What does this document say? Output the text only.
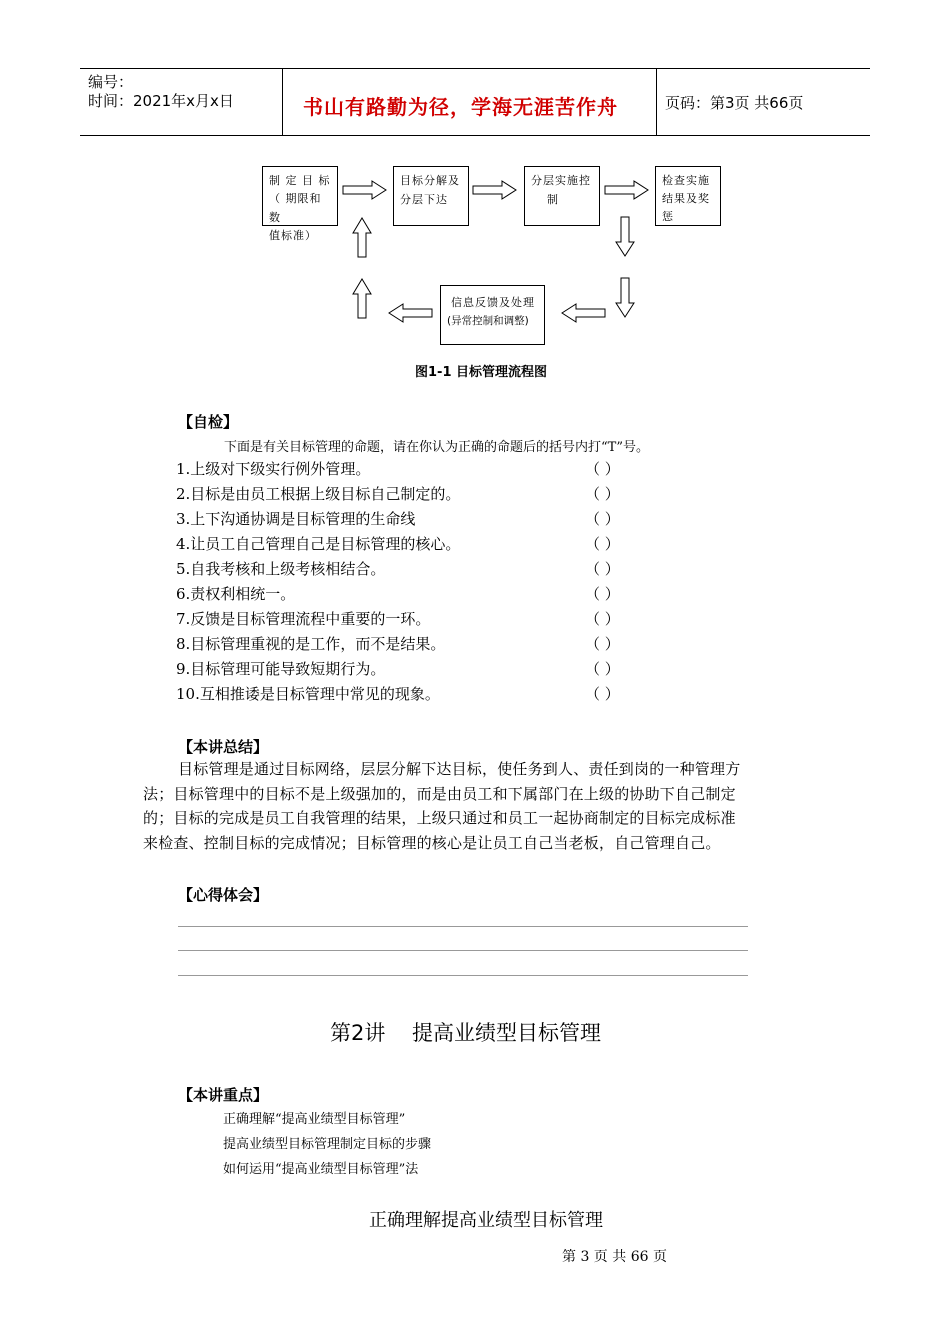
编号：
时间：2021年x月x日	书山有路勤为径，学海无涯苦作舟	页码：第3页 共66页
制 定 目 标
（ 期限和数
值标准）
目标分解及
分层下达
分层实施控
制
检查实施
结果及奖
惩
信息反馈及处理
(异常控制和调整)
图1-1 目标管理流程图
【自检】
下面是有关目标管理的命题，请在你认为正确的命题后的括号内打“T”号。
1.上级对下级实行例外管理。
2.目标是由员工根据上级目标自己制定的。
3.上下沟通协调是目标管理的生命线
4.让员工自己管理自己是目标管理的核心。
5.自我考核和上级考核相结合。
6.责权利相统一。
7.反馈是目标管理流程中重要的一环。
8.目标管理重视的是工作，而不是结果。
9.目标管理可能导致短期行为。
10.互相推诿是目标管理中常见的现象。
（ ）
（ ）
（ ）
（ ）
（ ）
（ ）
（ ）
（ ）
（ ）
（ ）
【本讲总结】

目标管理是通过目标网络，层层分解下达目标，使任务到人、责任到岗的一种管理方

法；目标管理中的目标不是上级强加的，而是由员工和下属部门在上级的协助下自己制定

的；目标的完成是员工自我管理的结果，上级只通过和员工一起协商制定的目标完成标准

来检查、控制目标的完成情况；目标管理的核心是让员工自己当老板，自己管理自己。

【心得体会】
第2讲    提高业绩型目标管理
【本讲重点】
正确理解“提高业绩型目标管理”
提高业绩型目标管理制定目标的步骤
如何运用“提高业绩型目标管理”法
正确理解提高业绩型目标管理
第 3 页 共 66 页
